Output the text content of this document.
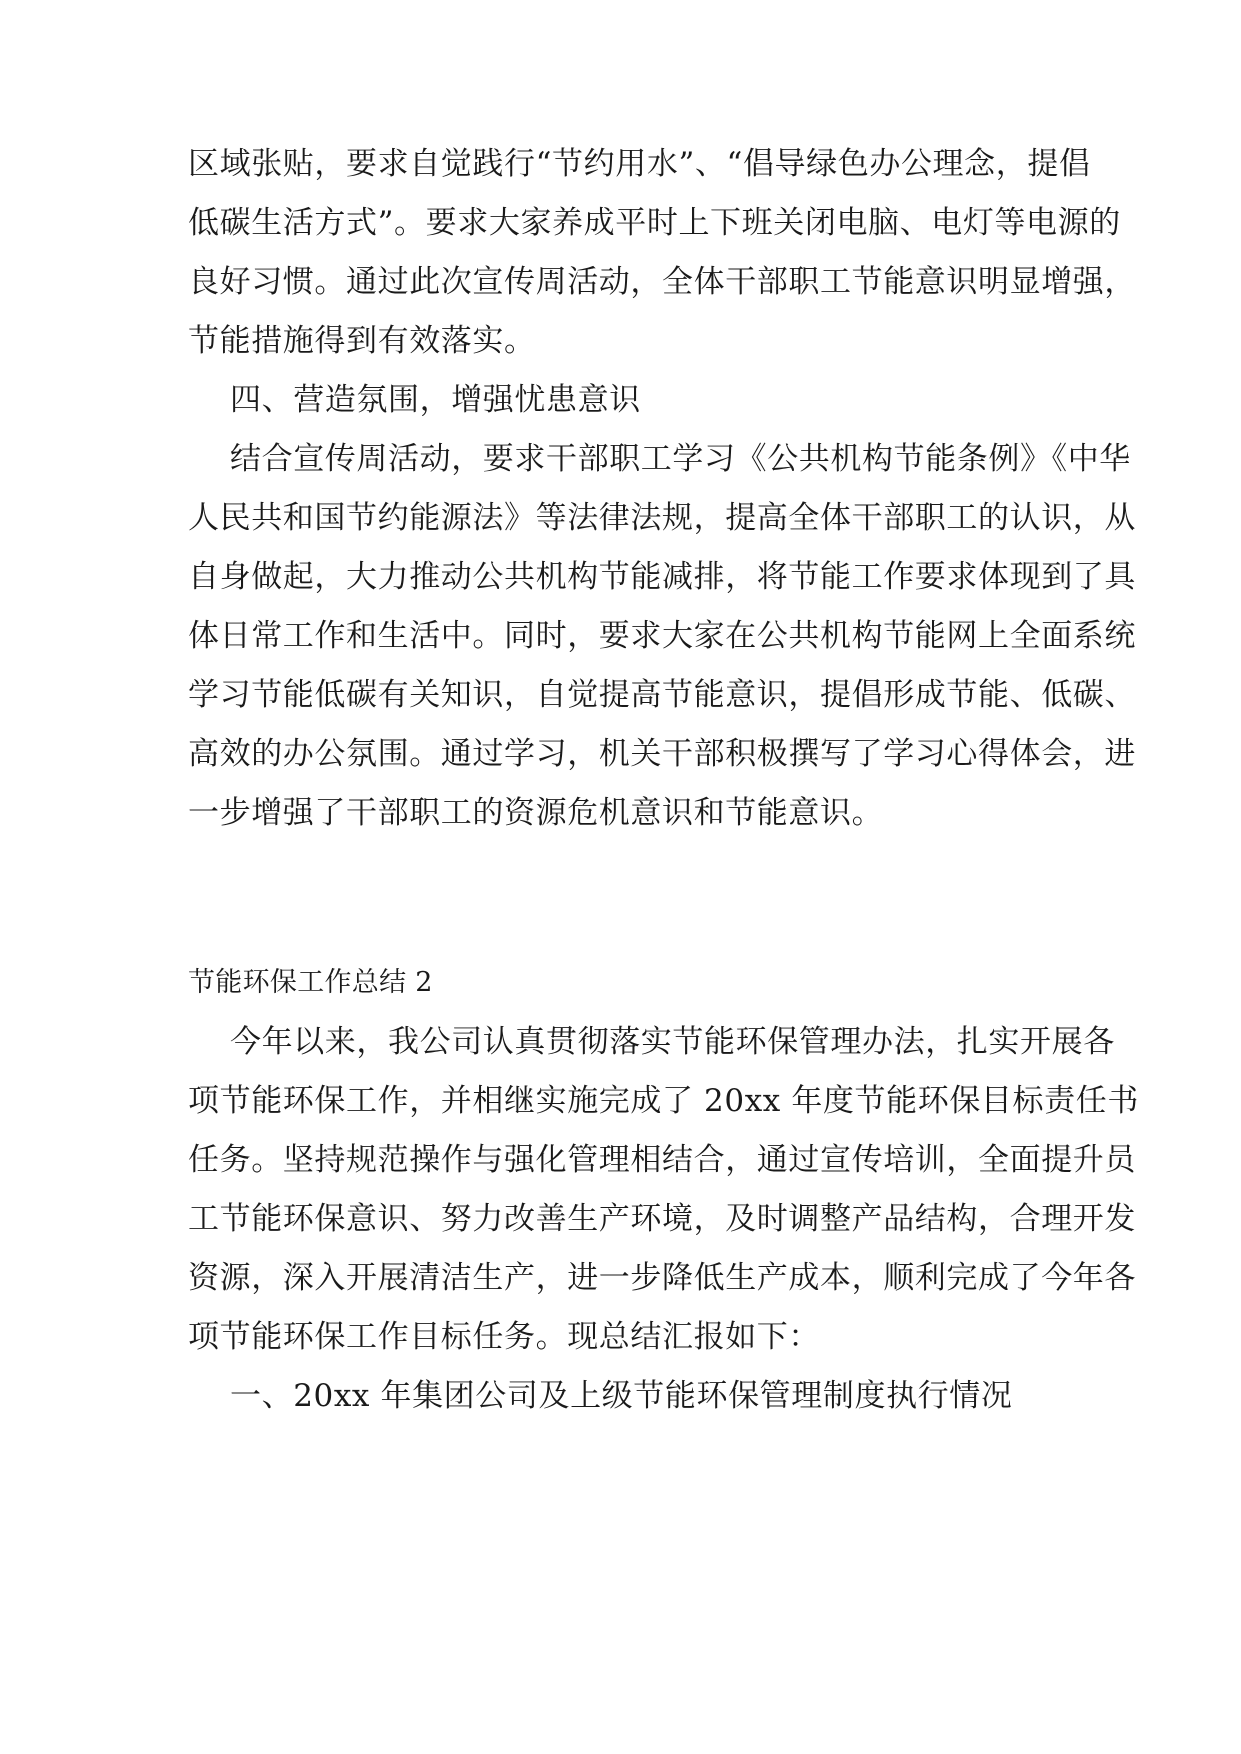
区域张贴，要求自觉践行“节约用水”、“倡导绿色办公理念，提倡
低碳生活方式”。要求大家养成平时上下班关闭电脑、电灯等电源的
良好习惯。通过此次宣传周活动，全体干部职工节能意识明显增强，
节能措施得到有效落实。
四、营造氛围，增强忧患意识
结合宣传周活动，要求干部职工学习《公共机构节能条例》《中华
人民共和国节约能源法》等法律法规，提高全体干部职工的认识，从
自身做起，大力推动公共机构节能减排，将节能工作要求体现到了具
体日常工作和生活中。同时，要求大家在公共机构节能网上全面系统
学习节能低碳有关知识，自觉提高节能意识，提倡形成节能、低碳、
高效的办公氛围。通过学习，机关干部积极撰写了学习心得体会，进
一步增强了干部职工的资源危机意识和节能意识。
节能环保工作总结 2
今年以来，我公司认真贯彻落实节能环保管理办法，扎实开展各
项节能环保工作，并相继实施完成了 20xx 年度节能环保目标责任书
任务。坚持规范操作与强化管理相结合，通过宣传培训，全面提升员
工节能环保意识、努力改善生产环境，及时调整产品结构，合理开发
资源，深入开展清洁生产，进一步降低生产成本，顺利完成了今年各
项节能环保工作目标任务。现总结汇报如下：
一、20xx 年集团公司及上级节能环保管理制度执行情况
